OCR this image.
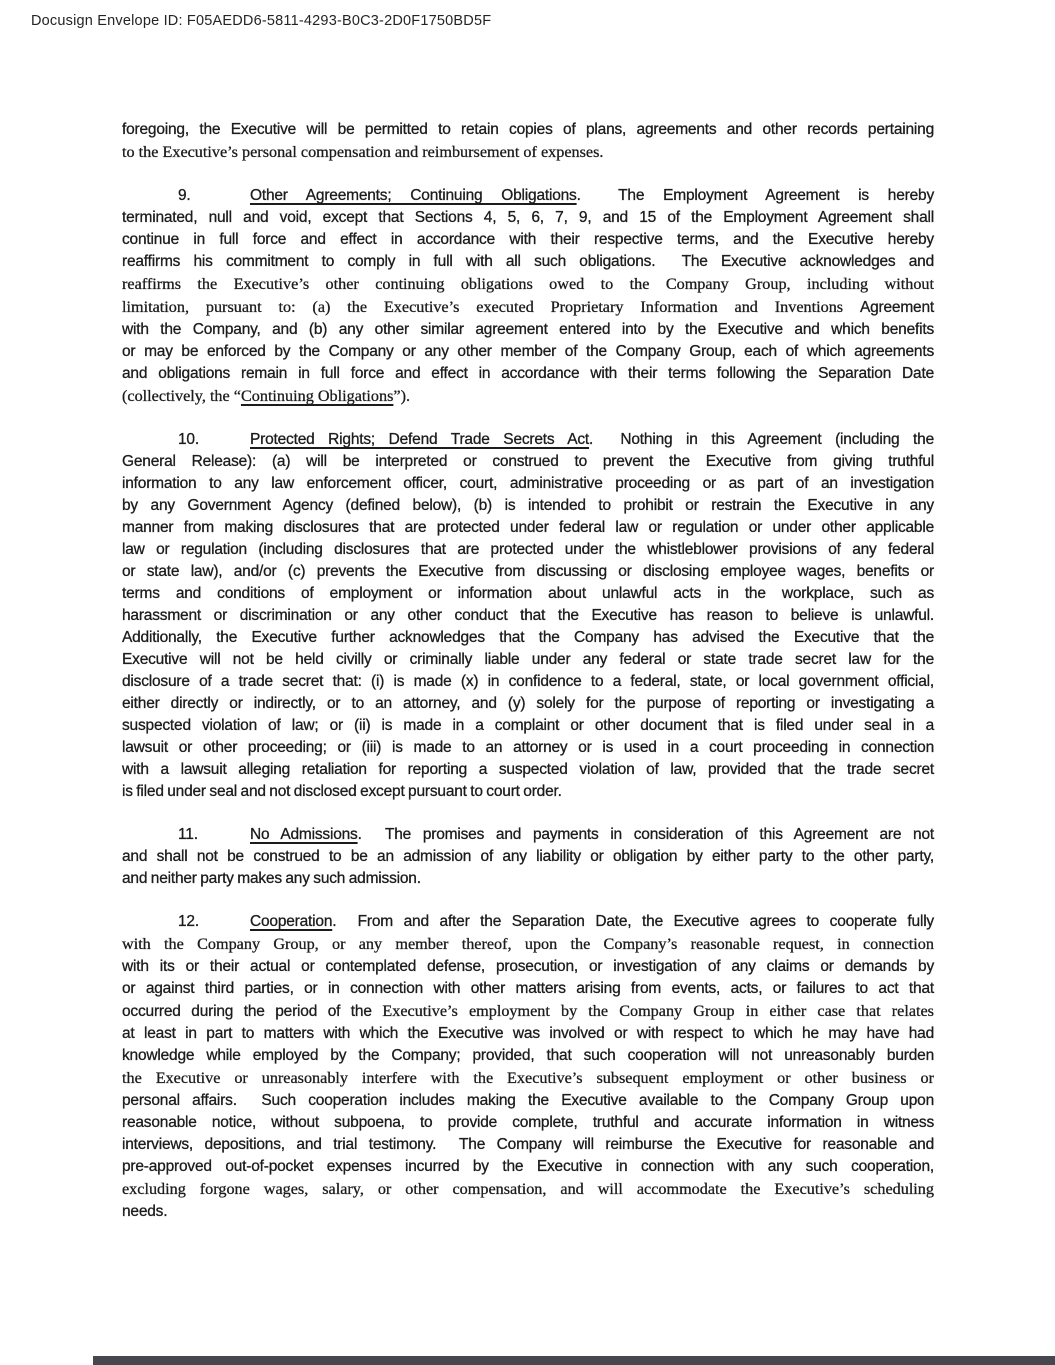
Docusign Envelope ID: F05AEDD6-5811-4293-B0C3-2D0F1750BD5F
foregoing, the Executive will be permitted to retain copies of plans, agreements and other records pertaining
to the Executive’s personal compensation and reimbursement of expenses.
9.	Other Agreements; Continuing Obligations.  The Employment Agreement is hereby
terminated, null and void, except that Sections 4, 5, 6, 7, 9, and 15 of the Employment Agreement shall
continue in full force and effect in accordance with their respective terms, and the Executive hereby
reaffirms his commitment to comply in full with all such obligations.  The Executive acknowledges and
reaffirms the Executive’s other continuing obligations owed to the Company Group, including without
limitation, pursuant to: (a) the Executive’s executed Proprietary Information and Inventions Agreement
with the Company, and (b) any other similar agreement entered into by the Executive and which benefits
or may be enforced by the Company or any other member of the Company Group, each of which agreements
and obligations remain in full force and effect in accordance with their terms following the Separation Date
(collectively, the “Continuing Obligations”).
10.	Protected Rights; Defend Trade Secrets Act.  Nothing in this Agreement (including the
General Release): (a) will be interpreted or construed to prevent the Executive from giving truthful
information to any law enforcement officer, court, administrative proceeding or as part of an investigation
by any Government Agency (defined below), (b) is intended to prohibit or restrain the Executive in any
manner from making disclosures that are protected under federal law or regulation or under other applicable
law or regulation (including disclosures that are protected under the whistleblower provisions of any federal
or state law), and/or (c) prevents the Executive from discussing or disclosing employee wages, benefits or
terms and conditions of employment or information about unlawful acts in the workplace, such as
harassment or discrimination or any other conduct that the Executive has reason to believe is unlawful.
Additionally, the Executive further acknowledges that the Company has advised the Executive that the
Executive will not be held civilly or criminally liable under any federal or state trade secret law for the
disclosure of a trade secret that: (i) is made (x) in confidence to a federal, state, or local government official,
either directly or indirectly, or to an attorney, and (y) solely for the purpose of reporting or investigating a
suspected violation of law; or (ii) is made in a complaint or other document that is filed under seal in a
lawsuit or other proceeding; or (iii) is made to an attorney or is used in a court proceeding in connection
with a lawsuit alleging retaliation for reporting a suspected violation of law, provided that the trade secret
is filed under seal and not disclosed except pursuant to court order.
11.	No Admissions.  The promises and payments in consideration of this Agreement are not
and shall not be construed to be an admission of any liability or obligation by either party to the other party,
and neither party makes any such admission.
12.	Cooperation.  From and after the Separation Date, the Executive agrees to cooperate fully
with the Company Group, or any member thereof, upon the Company’s reasonable request, in connection
with its or their actual or contemplated defense, prosecution, or investigation of any claims or demands by
or against third parties, or in connection with other matters arising from events, acts, or failures to act that
occurred during the period of the Executive’s employment by the Company Group in either case that relates
at least in part to matters with which the Executive was involved or with respect to which he may have had
knowledge while employed by the Company; provided, that such cooperation will not unreasonably burden
the Executive or unreasonably interfere with the Executive’s subsequent employment or other business or
personal affairs.  Such cooperation includes making the Executive available to the Company Group upon
reasonable notice, without subpoena, to provide complete, truthful and accurate information in witness
interviews, depositions, and trial testimony.  The Company will reimburse the Executive for reasonable and
pre-approved out-of-pocket expenses incurred by the Executive in connection with any such cooperation,
excluding forgone wages, salary, or other compensation, and will accommodate the Executive’s scheduling
needs.
